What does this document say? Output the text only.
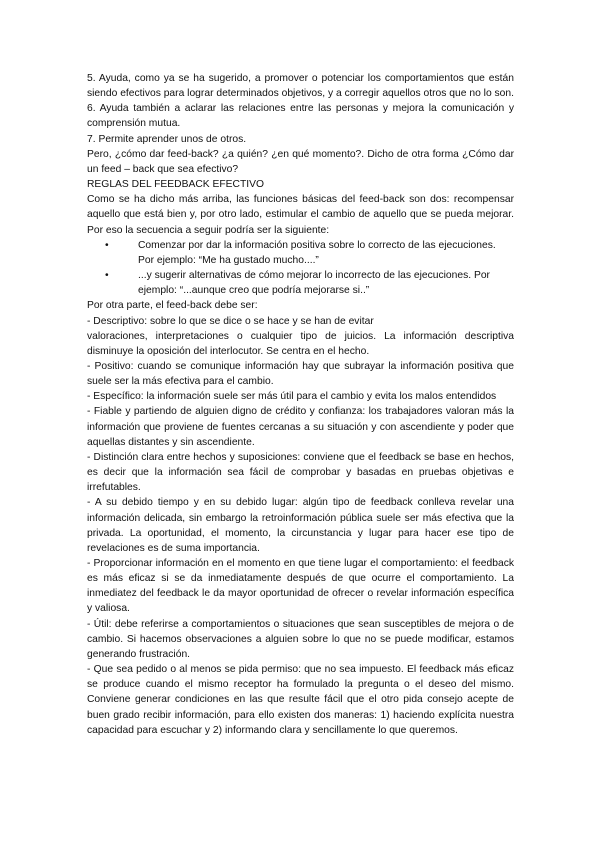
5. Ayuda, como ya se ha sugerido, a promover o potenciar los comportamientos que están siendo efectivos para lograr determinados objetivos, y a corregir aquellos otros que no lo son.

6. Ayuda también a aclarar las relaciones entre las personas y mejora la comunicación y comprensión mutua.

7. Permite aprender unos de otros.

Pero, ¿cómo dar feed-back? ¿a quién? ¿en qué momento?. Dicho de otra forma ¿Cómo dar un feed – back que sea efectivo?

REGLAS DEL FEEDBACK EFECTIVO

Como se ha dicho más arriba, las funciones básicas del feed-back son dos: recompensar aquello que está bien y, por otro lado, estimular el cambio de aquello que se pueda mejorar. Por eso la secuencia a seguir podría ser la siguiente:

•	Comenzar por dar la información positiva sobre lo correcto de las ejecuciones.
Por ejemplo: “Me ha gustado mucho....”
•	...y sugerir alternativas de cómo mejorar lo incorrecto de las ejecuciones. Por
ejemplo: “...aunque creo que podría mejorarse si..”

Por otra parte, el feed-back debe ser:

- Descriptivo: sobre lo que se dice o se hace y se han de evitar

valoraciones, interpretaciones o cualquier tipo de juicios. La información descriptiva disminuye la oposición del interlocutor. Se centra en el hecho.

- Positivo: cuando se comunique información hay que subrayar la información positiva que suele ser la más efectiva para el cambio.

- Específico: la información suele ser más útil para el cambio y evita los malos entendidos

- Fiable y partiendo de alguien digno de crédito y confianza: los trabajadores valoran más la información que proviene de fuentes cercanas a su situación y con ascendiente y poder que aquellas distantes y sin ascendiente.

- Distinción clara entre hechos y suposiciones: conviene que el feedback se base en hechos, es decir que la información sea fácil de comprobar y basadas en pruebas objetivas e irrefutables.

- A su debido tiempo y en su debido lugar: algún tipo de feedback conlleva revelar una información delicada, sin embargo la retroinformación pública suele ser más efectiva que la privada. La oportunidad, el momento, la circunstancia y lugar para hacer ese tipo de revelaciones es de suma importancia.

- Proporcionar información en el momento en que tiene lugar el comportamiento: el feedback es más eficaz si se da inmediatamente después de que ocurre el comportamiento. La inmediatez del feedback le da mayor oportunidad de ofrecer o revelar información específica y valiosa.

- Útil: debe referirse a comportamientos o situaciones que sean susceptibles de mejora o de cambio. Si hacemos observaciones a alguien sobre lo que no se puede modificar, estamos generando frustración.

- Que sea pedido o al menos se pida permiso: que no sea impuesto. El feedback más eficaz se produce cuando el mismo receptor ha formulado la pregunta o el deseo del mismo. Conviene generar condiciones en las que resulte fácil que el otro pida consejo acepte de buen grado recibir información, para ello existen dos maneras: 1) haciendo explícita nuestra capacidad para escuchar y 2) informando clara y sencillamente lo que queremos.
